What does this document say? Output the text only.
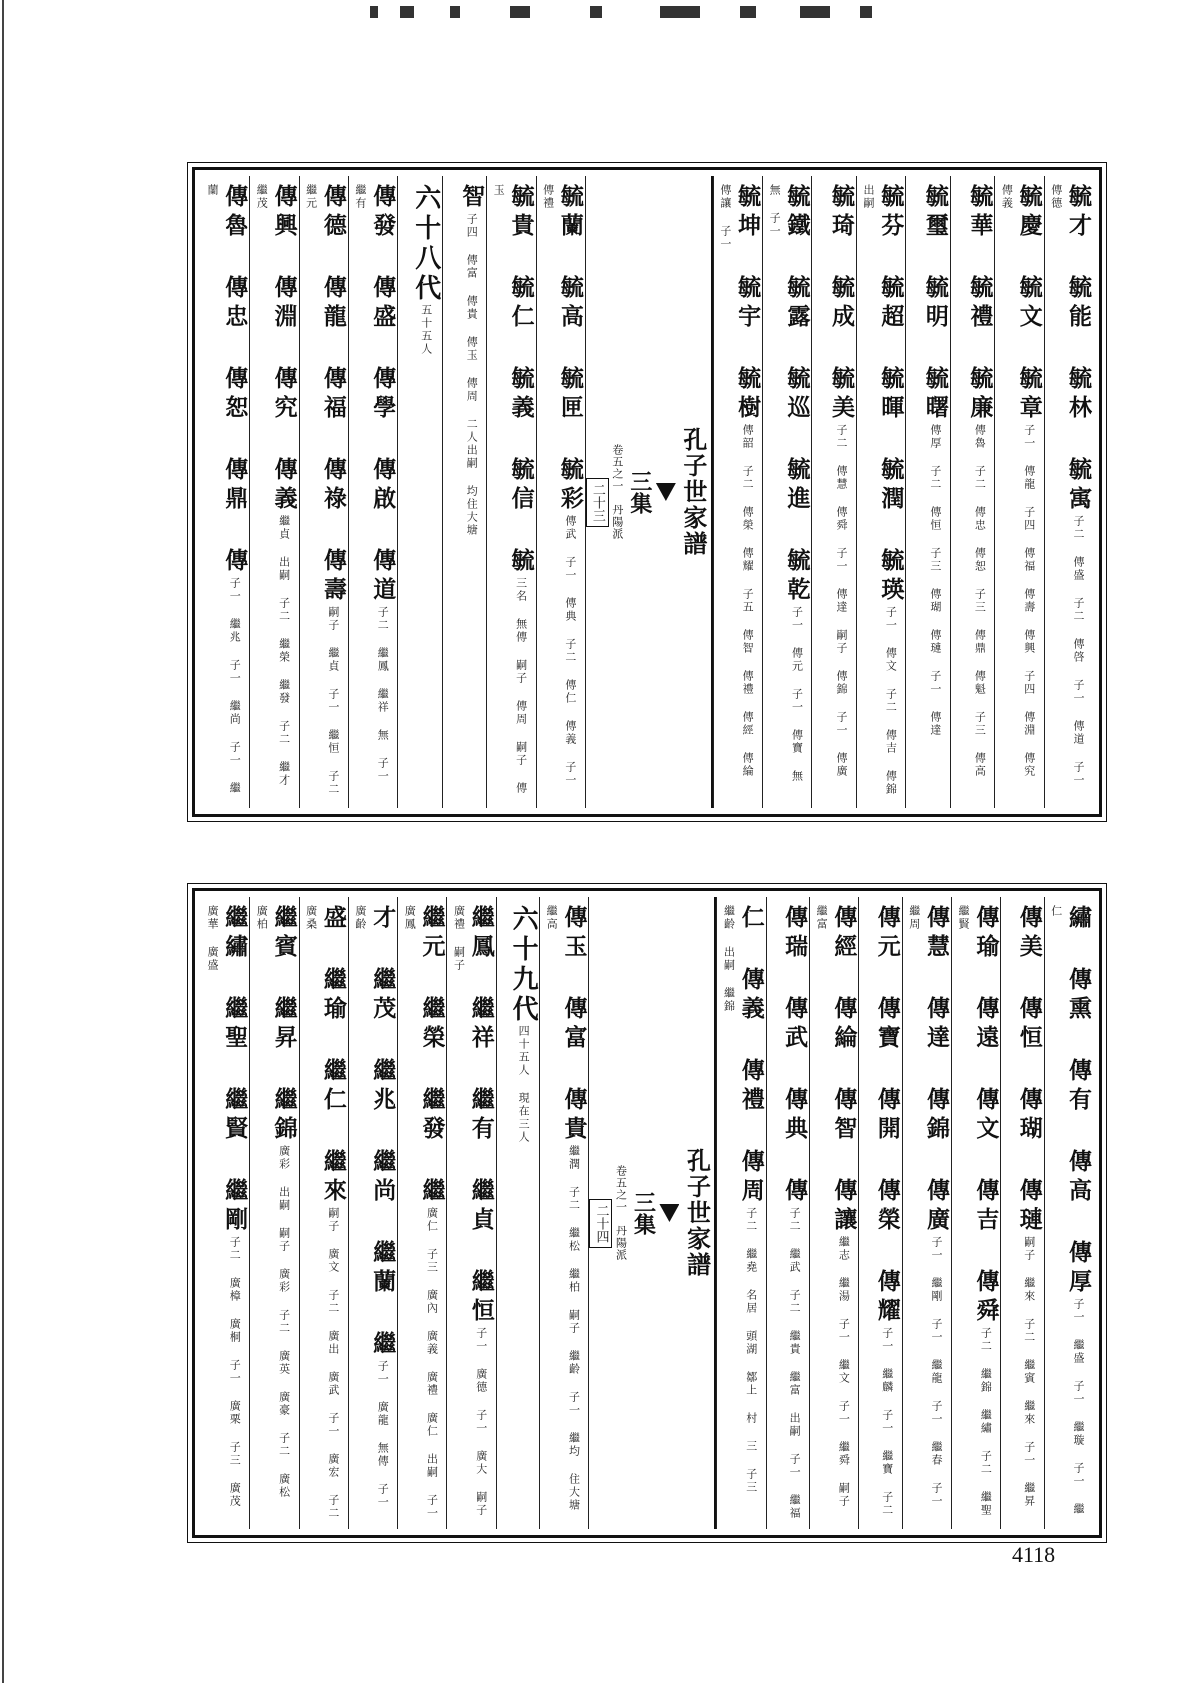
毓才 毓能 毓林 毓㝢子二 傳盛 子二 傳啓 子一 傳道 子一 傳德
毓慶 毓文 毓章子一 傳龍 子四 傳福 傳壽 傳興 子四 傳淵 傳究 傳義
毓華 毓禮 毓廉傳魯 子二 傳忠 傳恕 子三 傳鼎 傳魁 子三 傳高
毓璽 毓明 毓曙傳厚 子二 傳恒 子三 傳瑚 傳璉 子一 傳達
毓芬 毓超 毓暉 毓潤 毓瑛子一 傳文 子二 傳吉 傳錦 出嗣
毓琦 毓成 毓美子二 傳慧 傳舜 子一 傳達 嗣子 傳錦 子一 傳廣
毓鐵 毓露 毓巡 毓進 毓乾子一 傳元 子一 傳寶 無 無 子一
毓坤 毓宇 毓樹傳韶 子二 傳榮 傳耀 子五 傳智 傳禮 傳經 傳綸 傳讓 子一
孔子世家譜
三集
卷五之一　丹陽派
二十三
毓蘭 毓高 毓匣 毓彩傳武 子一 傳典 子二 傳仁 傳義 子一 傳禮
毓貴 毓仁 毓義 毓信 毓三名 無傳 嗣子 傳周 嗣子 傳玉
智子四 傳富 傳貴 傳玉 傳周 二人出嗣 均住大塘
六十八代五十五人
傳發 傳盛 傳學 傳啟 傳道子二 繼鳳 繼祥 無 子一 繼有
傳德 傳龍 傳福 傳祿 傳壽嗣子 繼貞 子一 繼恒 子二 繼元
傳興 傳淵 傳究 傳義繼貞 出嗣 子二 繼榮 繼發 子二 繼才 繼茂
傳魯 傳忠 傳恕 傳鼎 傳子一 繼兆 子一 繼尚 子一 繼蘭
繡 傳熏 傳有 傳高 傳厚子一 繼盛 子一 繼璇 子一 繼仁
傳美 傳恒 傳瑚 傳璉嗣子 繼來 子二 繼賓 繼來 子一 繼昇
傳瑜 傳遠 傳文 傳吉 傳舜子二 繼錦 繼繡 子二 繼聖 繼賢
傳慧 傳達 傳錦 傳廣子一 繼剛 子一 繼龍 子一 繼春 子一 繼周
傳元 傳寶 傳開 傳榮 傳耀子一 繼麟 子一 繼寶 子二
傳經 傳綸 傳智 傳讓繼志 繼湯 子一 繼文 子一 繼舜 嗣子 繼富
傳瑞 傳武 傳典 傳子二 繼武 子二 繼貴 繼富 出嗣 子一 繼福
仁 傳義 傳禮 傳周子二 繼堯 名居 頭湖 鄒上 村 三 子三 繼齡 出嗣 繼錦
孔子世家譜
三集
卷五之一　丹陽派
二十四
傳玉 傳富 傳貴繼潤 子二 繼松 繼柏 嗣子 繼齡 子一 繼均 住大塘 繼高
六十九代四十五人 現在三人
繼鳳 繼祥 繼有 繼貞 繼恒子一 廣德 子一 廣大 嗣子 廣禮 嗣子
繼元 繼榮 繼發 繼廣仁 子三 廣內 廣義 廣禮 廣仁 出嗣 子一 廣鳳
才 繼茂 繼兆 繼尚 繼蘭 繼子一 廣龍 無傳 子一 廣齡
盛 繼瑜 繼仁 繼來嗣子 廣文 子二 廣出 廣武 子一 廣宏 子二 廣桑
繼賓 繼昇 繼錦廣彩 出嗣 嗣子 廣彩 子二 廣英 廣豪 子二 廣松 廣柏
繼繡 繼聖 繼賢 繼剛子二 廣樟 廣桐 子一 廣栗 子三 廣茂 廣華 廣盛
4118
